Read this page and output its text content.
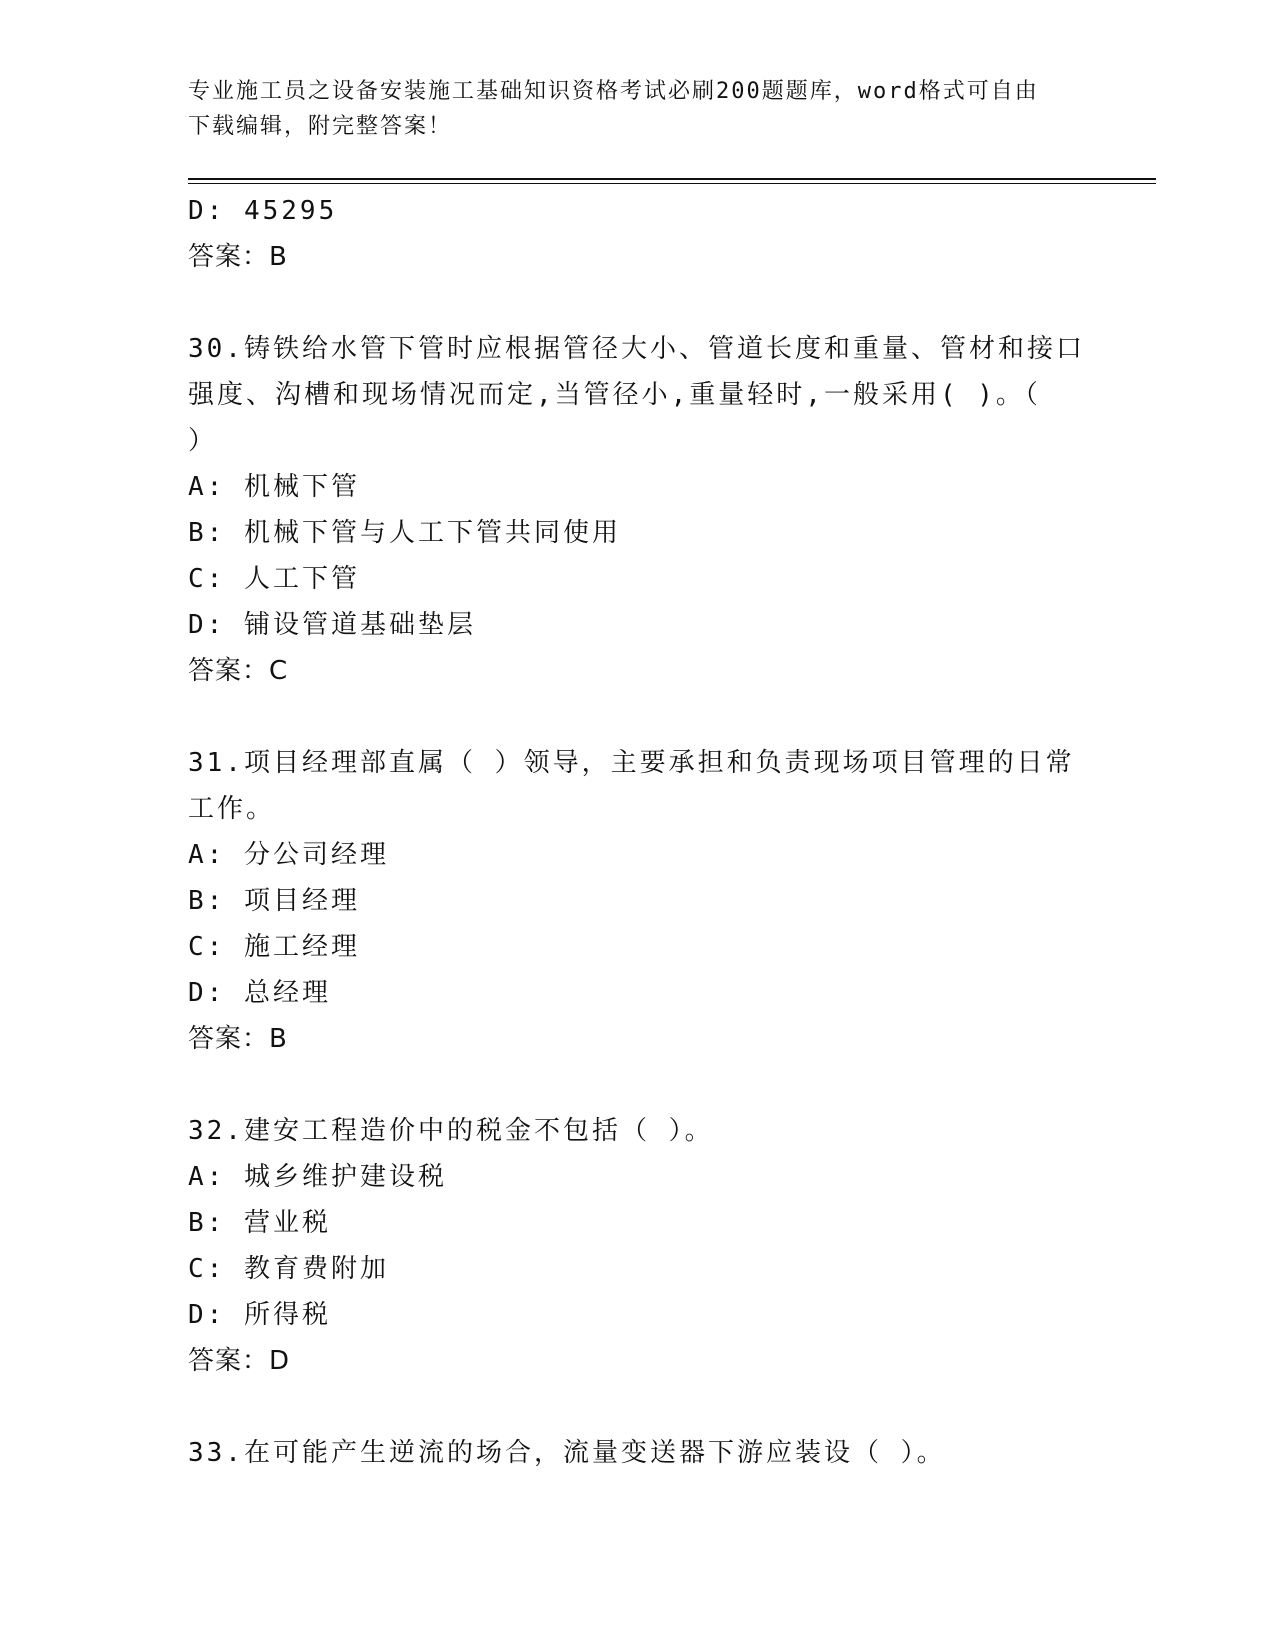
专业施工员之设备安装施工基础知识资格考试必刷200题题库，word格式可自由
下载编辑，附完整答案！
D: 45295
答案：B
30.铸铁给水管下管时应根据管径大小、管道长度和重量、管材和接口
强度、沟槽和现场情况而定,当管径小,重量轻时,一般采用( )。（
）
A: 机械下管
B: 机械下管与人工下管共同使用
C: 人工下管
D: 铺设管道基础垫层
答案：C
31.项目经理部直属（ ）领导，主要承担和负责现场项目管理的日常
工作。
A: 分公司经理
B: 项目经理
C: 施工经理
D: 总经理
答案：B
32.建安工程造价中的税金不包括（ ）。
A: 城乡维护建设税
B: 营业税
C: 教育费附加
D: 所得税
答案：D
33.在可能产生逆流的场合，流量变送器下游应装设（ ）。
